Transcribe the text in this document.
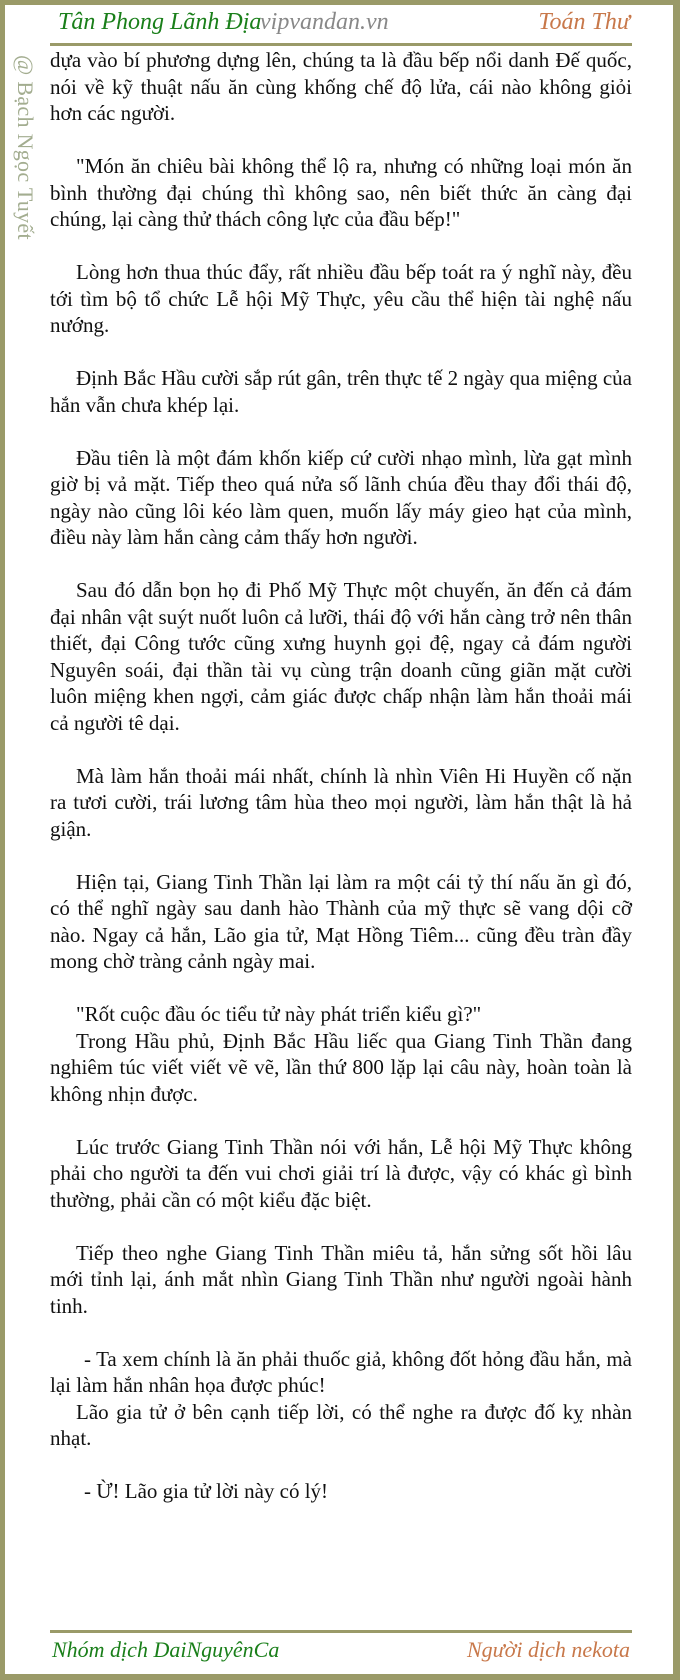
Tân Phong Lãnh Địa
vipvandan.vn	Toán Thư
@ Bạch Ngọc Tuyết dựa vào bí phương dựng lên, chúng ta là đầu bếp nổi danh Đế quốc, nói về kỹ thuật nấu ăn cùng khống chế độ lửa, cái nào không giỏi hơn các người.

"Món ăn chiêu bài không thể lộ ra, nhưng có những loại món ăn bình thường đại chúng thì không sao, nên biết thức ăn càng đại chúng, lại càng thử thách công lực của đầu bếp!"

Lòng hơn thua thúc đẩy, rất nhiều đầu bếp toát ra ý nghĩ này, đều tới tìm bộ tổ chức Lễ hội Mỹ Thực, yêu cầu thể hiện tài nghệ nấu nướng.

Định Bắc Hầu cười sắp rút gân, trên thực tế 2 ngày qua miệng của hắn vẫn chưa khép lại.

Đầu tiên là một đám khốn kiếp cứ cười nhạo mình, lừa gạt mình giờ bị vả mặt. Tiếp theo quá nửa số lãnh chúa đều thay đổi thái độ, ngày nào cũng lôi kéo làm quen, muốn lấy máy gieo hạt của mình, điều này làm hắn càng cảm thấy hơn người.

Sau đó dẫn bọn họ đi Phố Mỹ Thực một chuyến, ăn đến cả đám đại nhân vật suýt nuốt luôn cả lưỡi, thái độ với hắn càng trở nên thân thiết, đại Công tước cũng xưng huynh gọi đệ, ngay cả đám người Nguyên soái, đại thần tài vụ cùng trận doanh cũng giãn mặt cười luôn miệng khen ngợi, cảm giác được chấp nhận làm hắn thoải mái cả người tê dại.

Mà làm hắn thoải mái nhất, chính là nhìn Viên Hi Huyền cố nặn ra tươi cười, trái lương tâm hùa theo mọi người, làm hắn thật là hả giận.

Hiện tại, Giang Tinh Thần lại làm ra một cái tỷ thí nấu ăn gì đó, có thể nghĩ ngày sau danh hào Thành của mỹ thực sẽ vang dội cỡ nào. Ngay cả hắn, Lão gia tử, Mạt Hồng Tiêm... cũng đều tràn đầy mong chờ tràng cảnh ngày mai.

"Rốt cuộc đầu óc tiểu tử này phát triển kiểu gì?"

Trong Hầu phủ, Định Bắc Hầu liếc qua Giang Tinh Thần đang nghiêm túc viết viết vẽ vẽ, lần thứ 800 lặp lại câu này, hoàn toàn là không nhịn được.

Lúc trước Giang Tinh Thần nói với hắn, Lễ hội Mỹ Thực không phải cho người ta đến vui chơi giải trí là được, vậy có khác gì bình thường, phải cần có một kiểu đặc biệt.

Tiếp theo nghe Giang Tinh Thần miêu tả, hắn sửng sốt hồi lâu mới tỉnh lại, ánh mắt nhìn Giang Tinh Thần như người ngoài hành tinh.

- Ta xem chính là ăn phải thuốc giả, không đốt hỏng đầu hắn, mà lại làm hắn nhân họa được phúc!

Lão gia tử ở bên cạnh tiếp lời, có thể nghe ra được đố kỵ nhàn nhạt.

- Ừ! Lão gia tử lời này có lý!

Nhóm dịch DaiNguyênCa	Người dịch nekota
